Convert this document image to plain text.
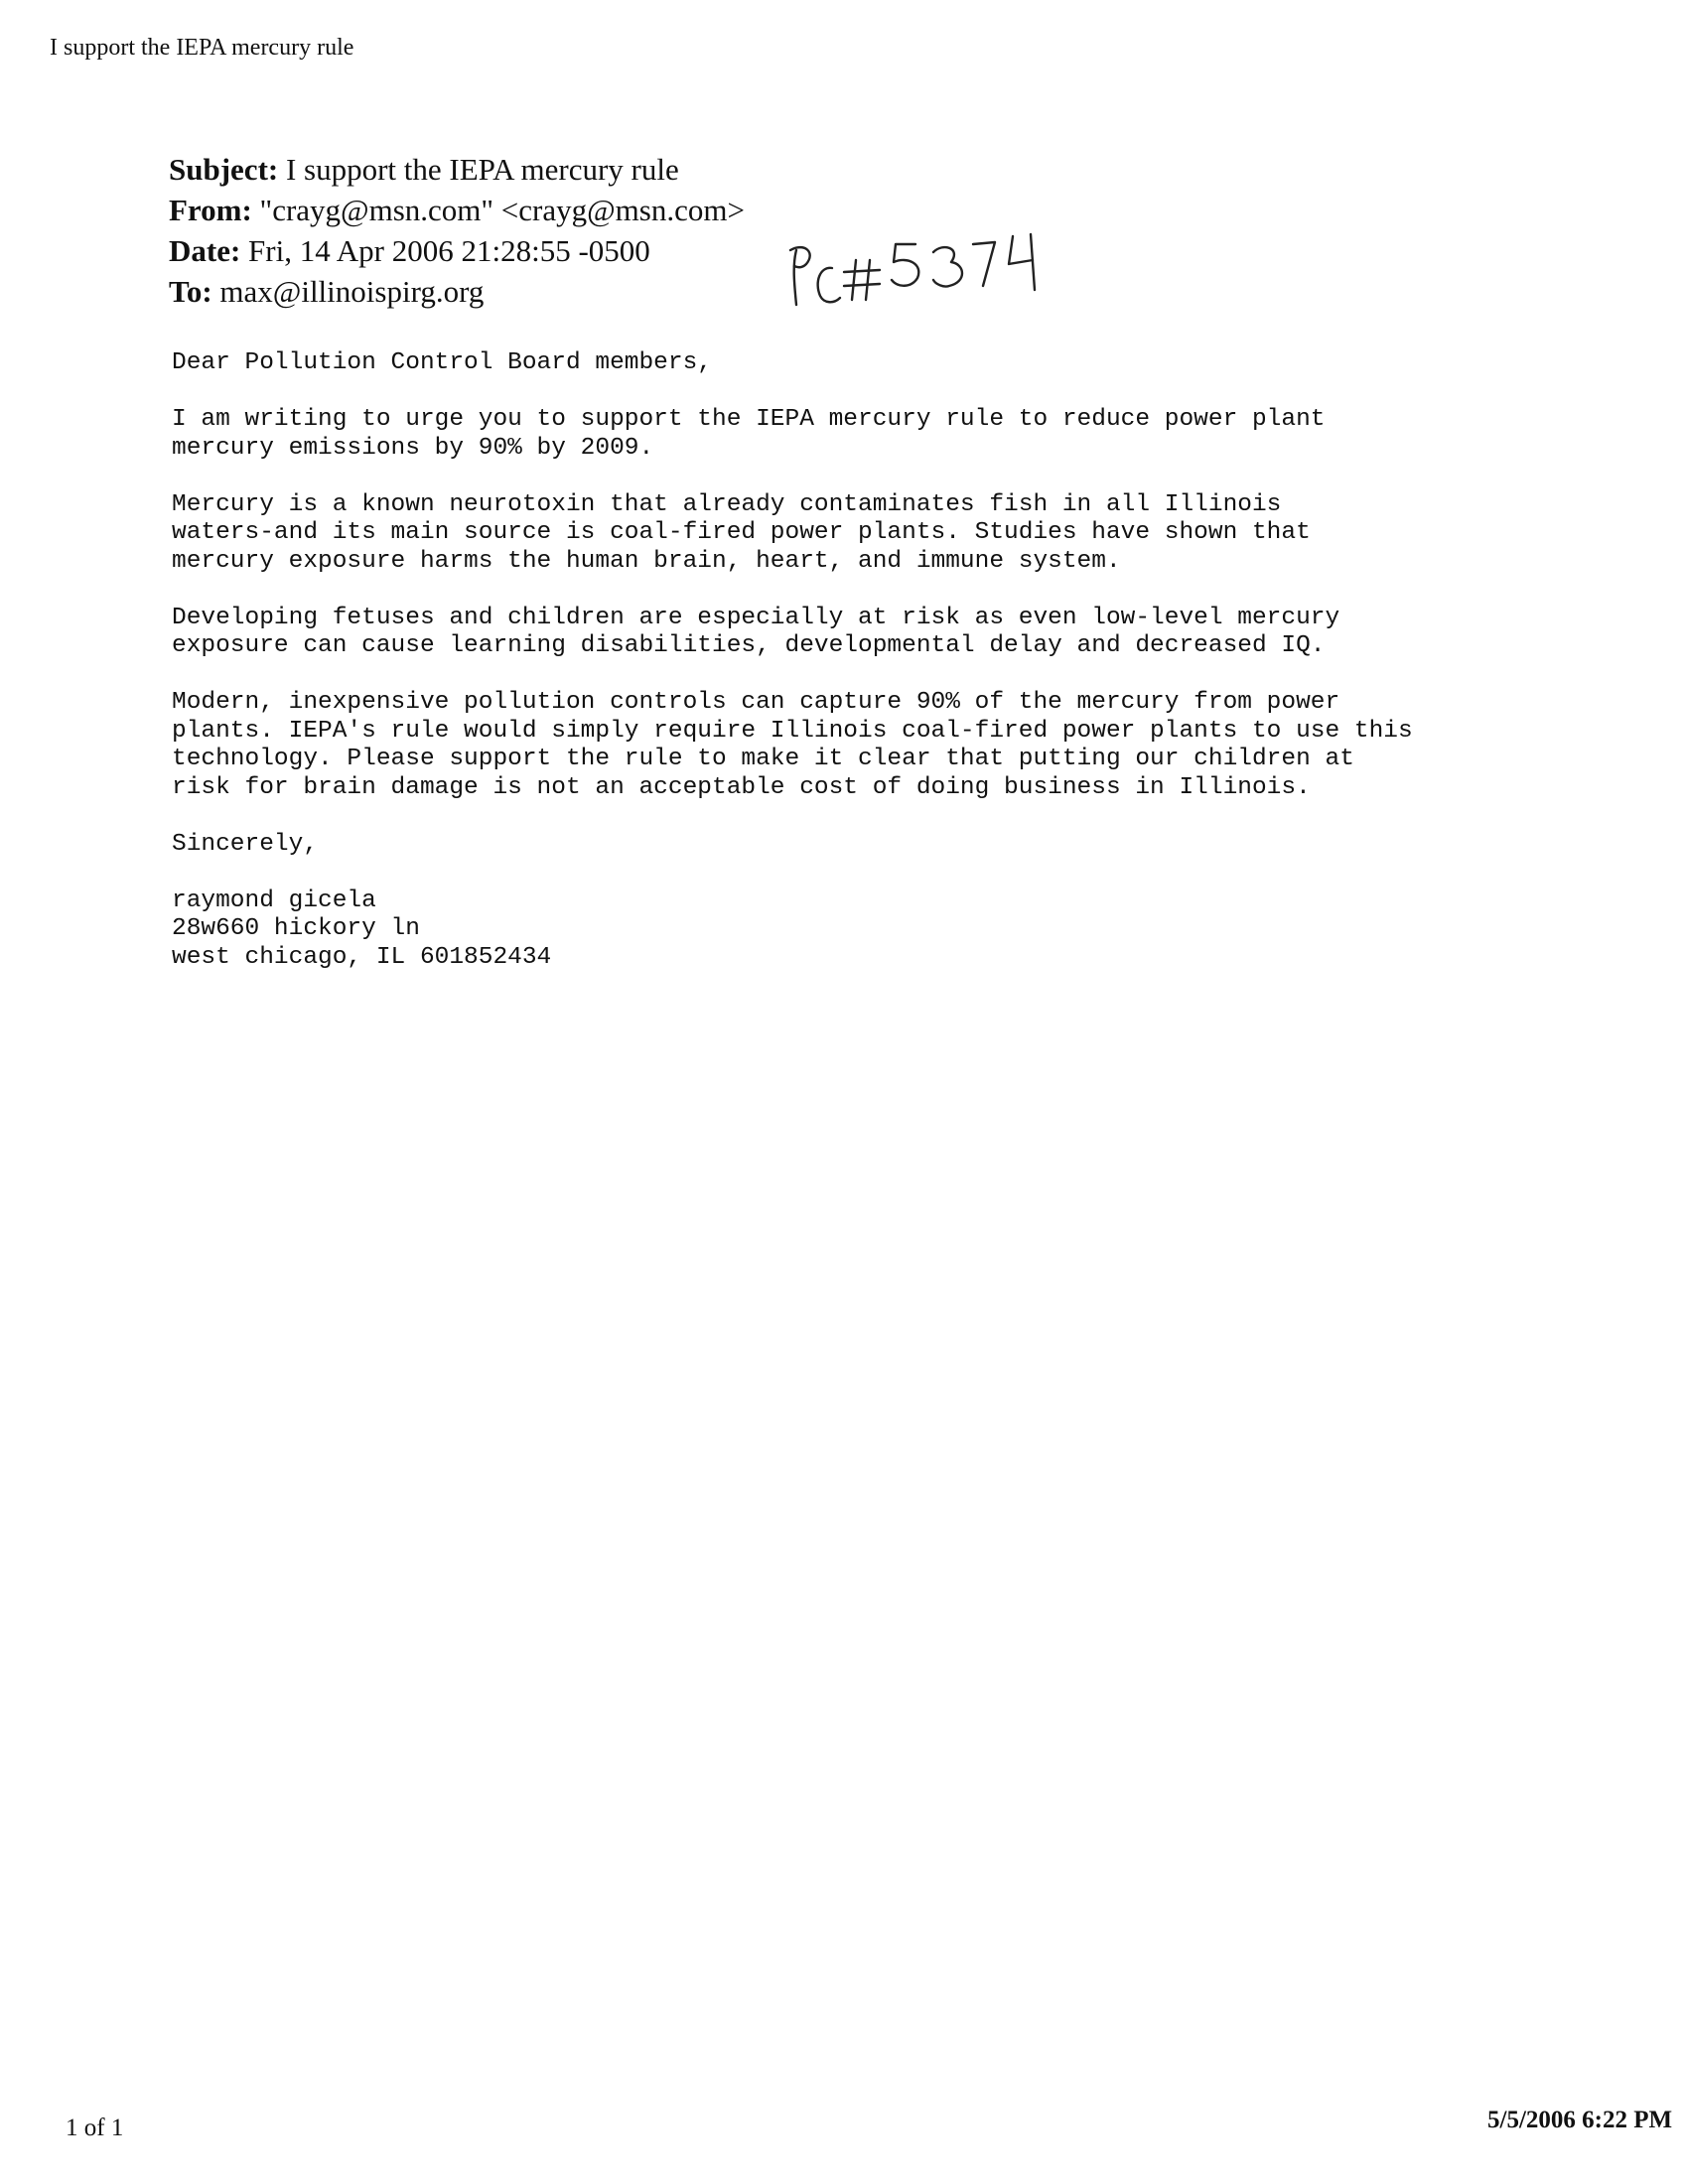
I support the IEPA mercury rule
Subject: I support the IEPA mercury rule
From: "crayg@msn.com" <crayg@msn.com>
Date: Fri, 14 Apr 2006 21:28:55 -0500
To: max@illinoispirg.org

Dear Pollution Control Board members,

I am writing to urge you to support the IEPA mercury rule to reduce power plant
mercury emissions by 90% by 2009.

Mercury is a known neurotoxin that already contaminates fish in all Illinois
waters-and its main source is coal-fired power plants. Studies have shown that
mercury exposure harms the human brain, heart, and immune system.

Developing fetuses and children are especially at risk as even low-level mercury
exposure can cause learning disabilities, developmental delay and decreased IQ.

Modern, inexpensive pollution controls can capture 90% of the mercury from power
plants. IEPA's rule would simply require Illinois coal-fired power plants to use this
technology. Please support the rule to make it clear that putting our children at
risk for brain damage is not an acceptable cost of doing business in Illinois.

Sincerely,

raymond gicela
28w660 hickory ln
west chicago, IL 601852434
1 of 1	5/5/2006 6:22 PM
